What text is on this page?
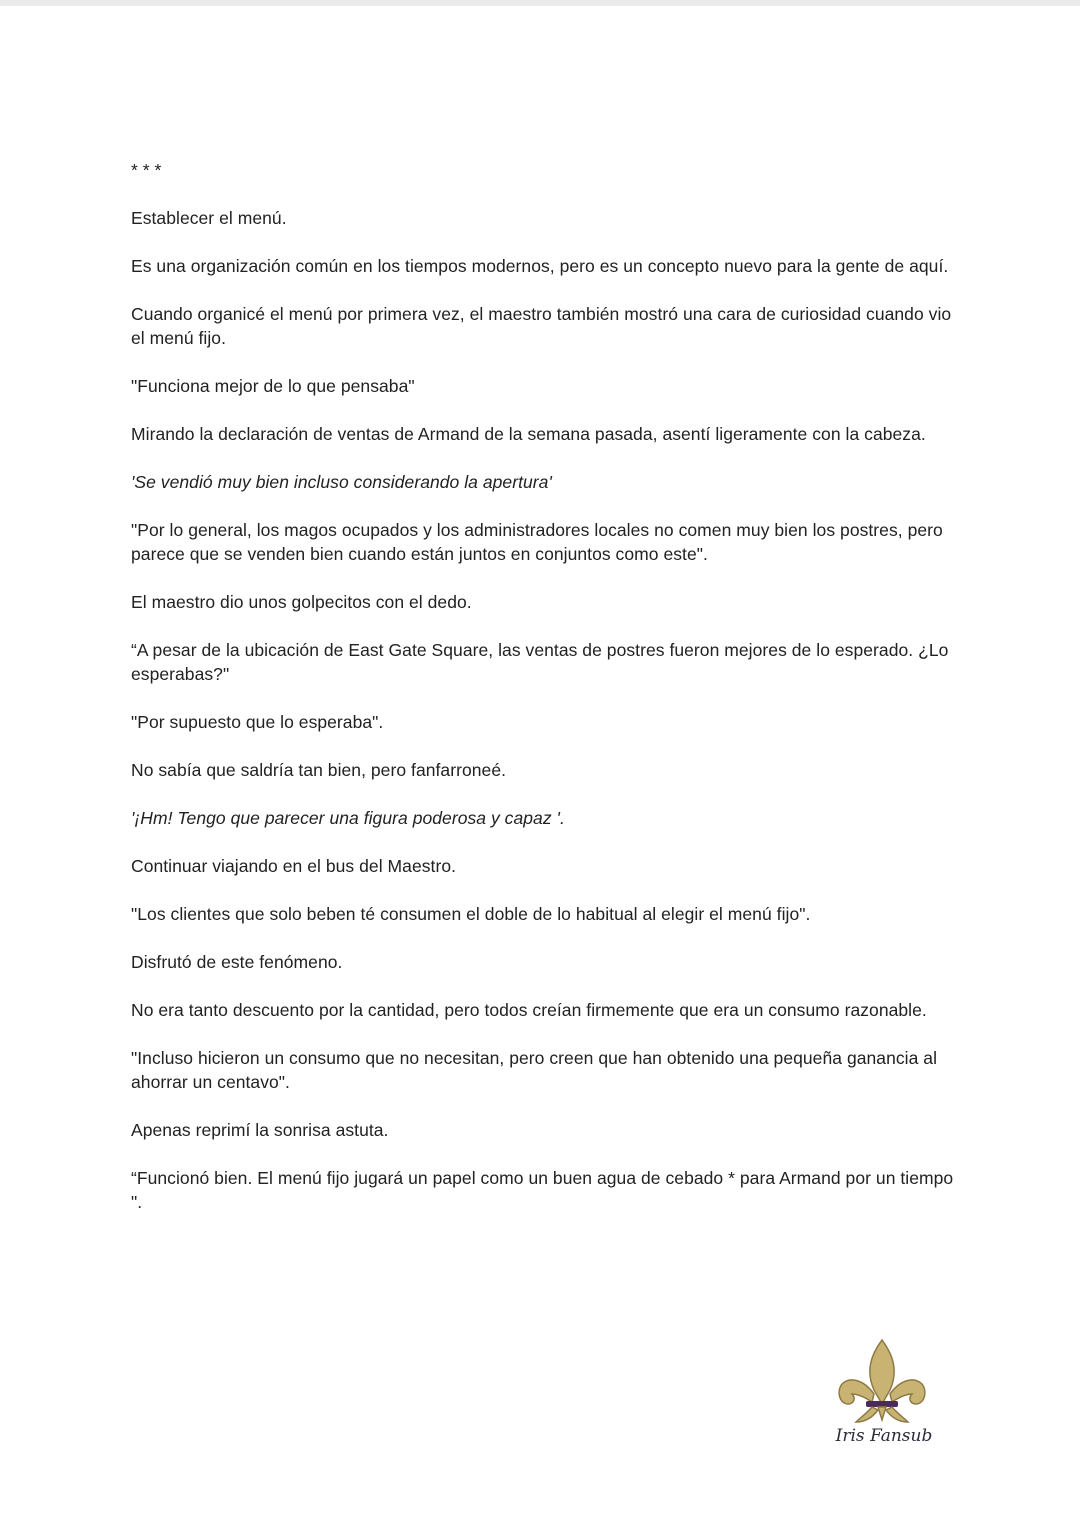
* * *

Establecer el menú.

Es una organización común en los tiempos modernos, pero es un concepto nuevo para la gente de aquí.

Cuando organicé el menú por primera vez, el maestro también mostró una cara de curiosidad cuando vio el menú fijo.

"Funciona mejor de lo que pensaba"

Mirando la declaración de ventas de Armand de la semana pasada, asentí ligeramente con la cabeza.

'Se vendió muy bien incluso considerando la apertura'

"Por lo general, los magos ocupados y los administradores locales no comen muy bien los postres, pero parece que se venden bien cuando están juntos en conjuntos como este".

El maestro dio unos golpecitos con el dedo.

“A pesar de la ubicación de East Gate Square, las ventas de postres fueron mejores de lo esperado. ¿Lo esperabas?"

"Por supuesto que lo esperaba".

No sabía que saldría tan bien, pero fanfarroneé.

'¡Hm! Tengo que parecer una figura poderosa y capaz '.

Continuar viajando en el bus del Maestro.

"Los clientes que solo beben té consumen el doble de lo habitual al elegir el menú fijo".

Disfrutó de este fenómeno.

No era tanto descuento por la cantidad, pero todos creían firmemente que era un consumo razonable.

"Incluso hicieron un consumo que no necesitan, pero creen que han obtenido una pequeña ganancia al ahorrar un centavo".

Apenas reprimí la sonrisa astuta.

“Funcionó bien. El menú fijo jugará un papel como un buen agua de cebado * para Armand por un tiempo ".

Iris Fansub
